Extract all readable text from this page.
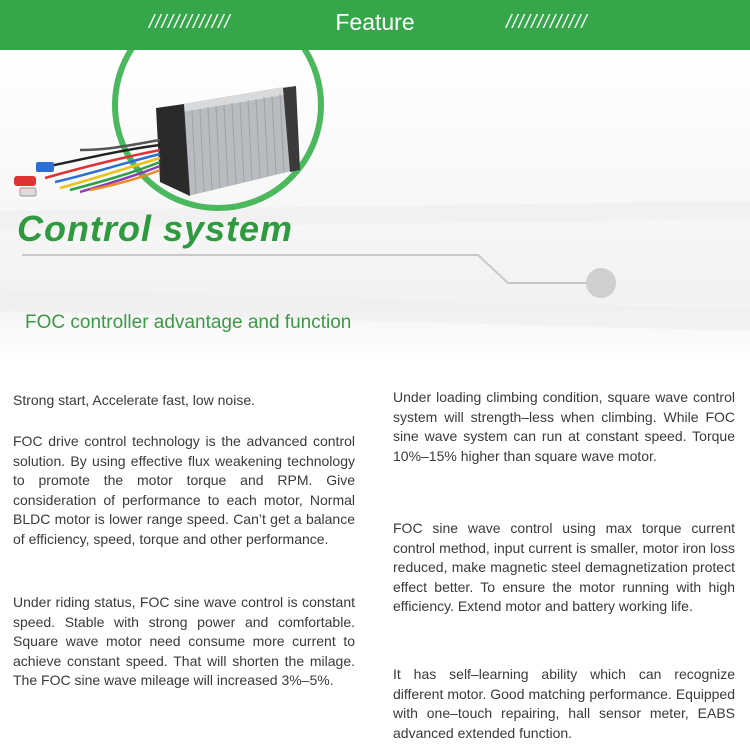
/////////////	Feature	/////////////
Control system
FOC controller advantage and function

Strong start, Accelerate fast, low noise.

FOC drive control technology is the advanced control solution. By using effective flux weakening technology to promote the motor torque and RPM. Give consideration of performance to each motor, Normal BLDC motor is lower range speed. Can’t get a balance of efficiency, speed, torque and other performance.

Under riding status, FOC sine wave control is constant speed. Stable with strong power and comfortable. Square wave motor need consume more current to achieve constant speed. That will shorten the milage. The FOC sine wave mileage will increased 3%–5%.

Under loading climbing condition, square wave control system will strength–less when climbing. While FOC sine wave system can run at constant speed. Torque 10%–15% higher than square wave motor.

FOC sine wave control using max torque current control method, input current is smaller, motor iron loss reduced, make magnetic steel demagnetization protect effect better. To ensure the motor running with high efficiency. Extend motor and battery working life.

It has self–learning ability which can recognize different motor. Good matching performance. Equipped with one–touch repairing, hall sensor meter, EABS advanced extended function.
